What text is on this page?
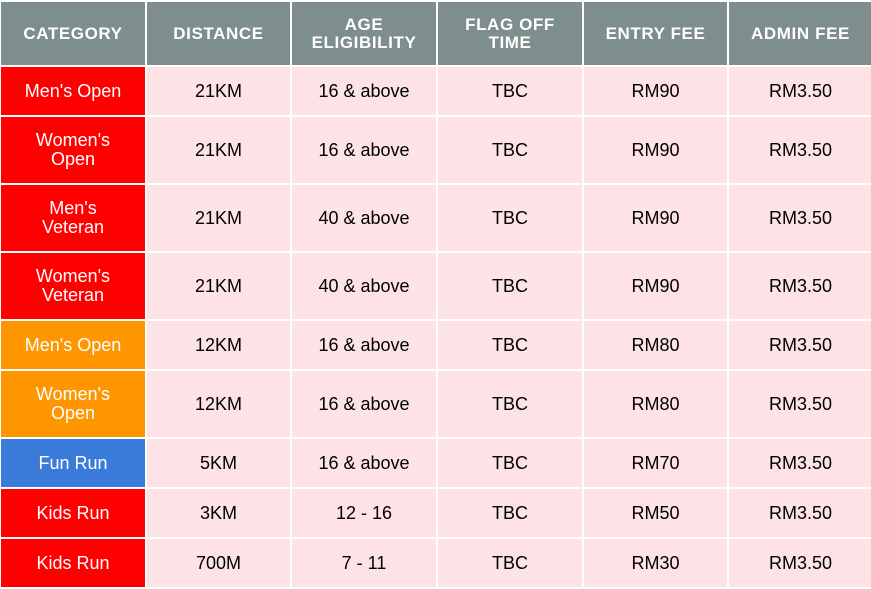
CATEGORY	DISTANCE	AGE ELIGIBILITY	FLAG OFF TIME	ENTRY FEE	ADMIN FEE
Men's Open	21KM	16 & above	TBC	RM90	RM3.50
Women's Open	21KM	16 & above	TBC	RM90	RM3.50
Men's Veteran	21KM	40 & above	TBC	RM90	RM3.50
Women's Veteran	21KM	40 & above	TBC	RM90	RM3.50
Men's Open	12KM	16 & above	TBC	RM80	RM3.50
Women's Open	12KM	16 & above	TBC	RM80	RM3.50
Fun Run	5KM	16 & above	TBC	RM70	RM3.50
Kids Run	3KM	12 - 16	TBC	RM50	RM3.50
Kids Run	700M	7 - 11	TBC	RM30	RM3.50
